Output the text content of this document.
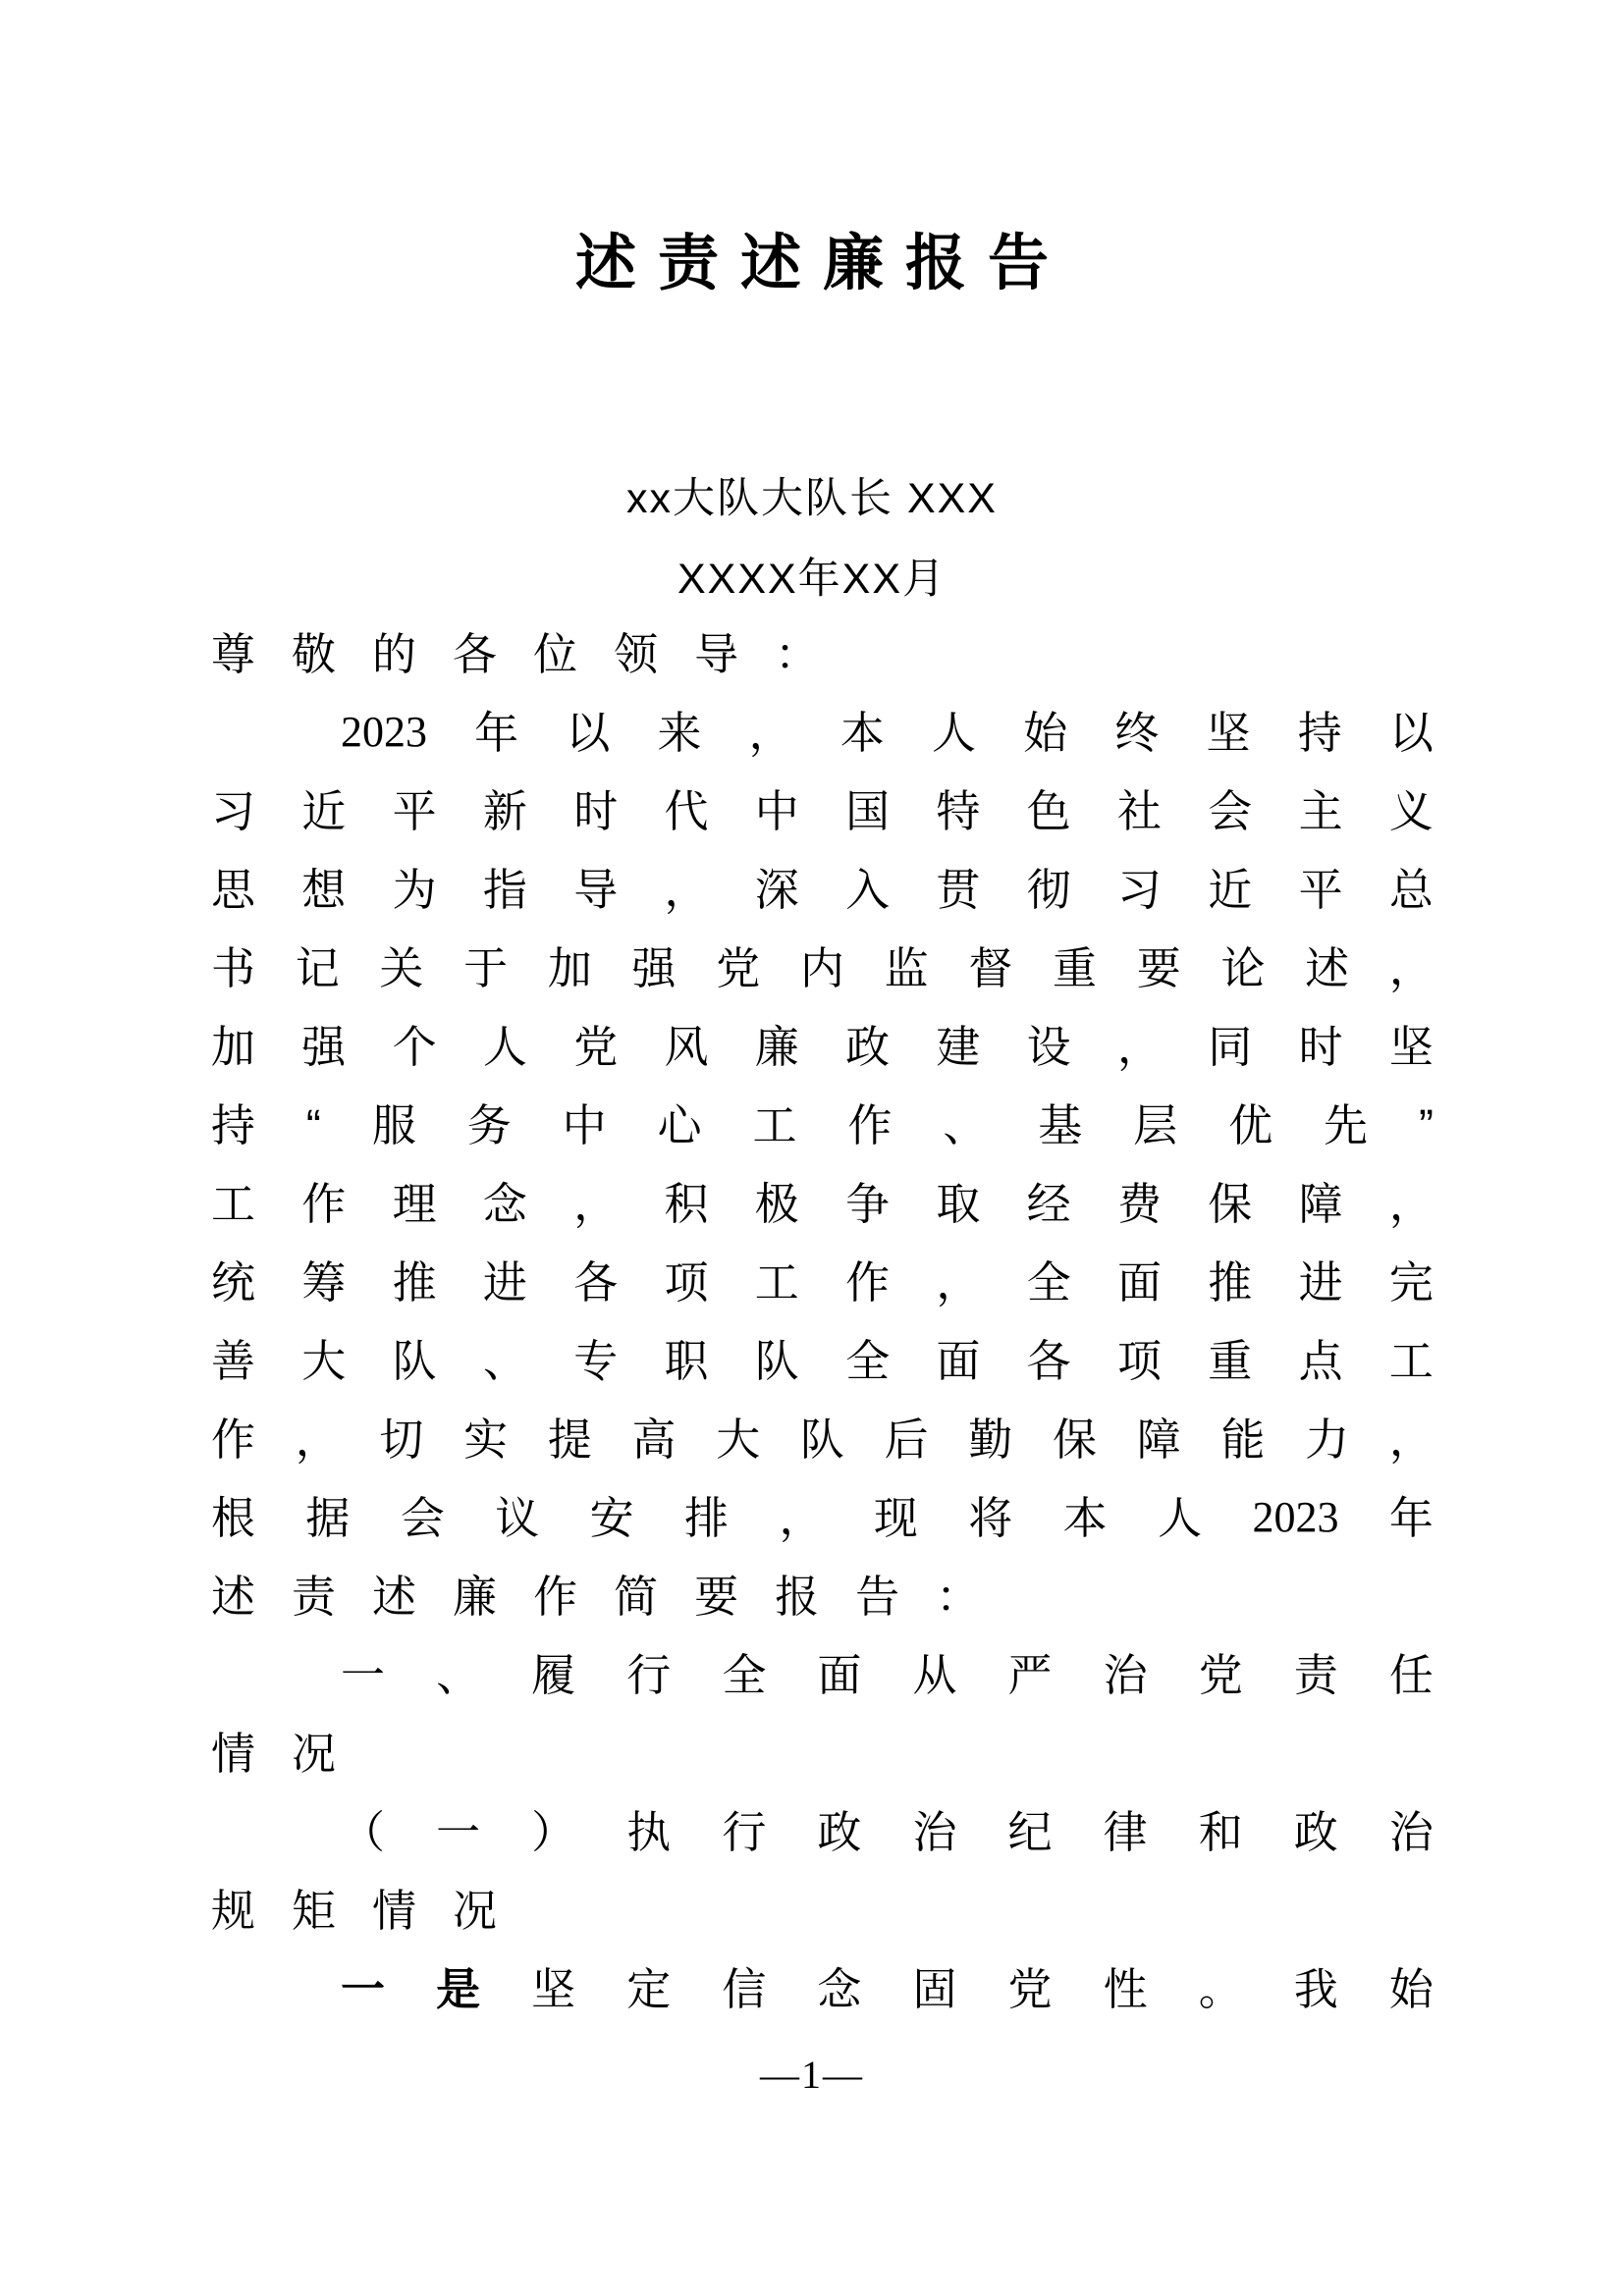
述责述廉报告
xx大队大队长 XXX
XXXX年XX月
尊 敬 的 各 位 领 导 ：
2023 年 以 来 ， 本 人 始 终 坚 持 以
习 近 平 新 时 代 中 国 特 色 社 会 主 义
思 想 为 指 导 ， 深 入 贯 彻 习 近 平 总
书 记 关 于 加 强 党 内 监 督 重 要 论 述 ，
加 强 个 人 党 风 廉 政 建 设 ， 同 时 坚
持 “ 服 务 中 心 工 作 、 基 层 优 先 ”
工 作 理 念 ， 积 极 争 取 经 费 保 障 ，
统 筹 推 进 各 项 工 作 ， 全 面 推 进 完
善 大 队 、 专 职 队 全 面 各 项 重 点 工
作 ， 切 实 提 高 大 队 后 勤 保 障 能 力 ，
根 据 会 议 安 排 ， 现 将 本 人 2023 年
述 责 述 廉 作 简 要 报 告 ：
一 、 履 行 全 面 从 严 治 党 责 任
情 况
（ 一 ） 执 行 政 治 纪 律 和 政 治
规 矩 情 况
一 是 坚 定 信 念 固 党 性 。 我 始
—1—
